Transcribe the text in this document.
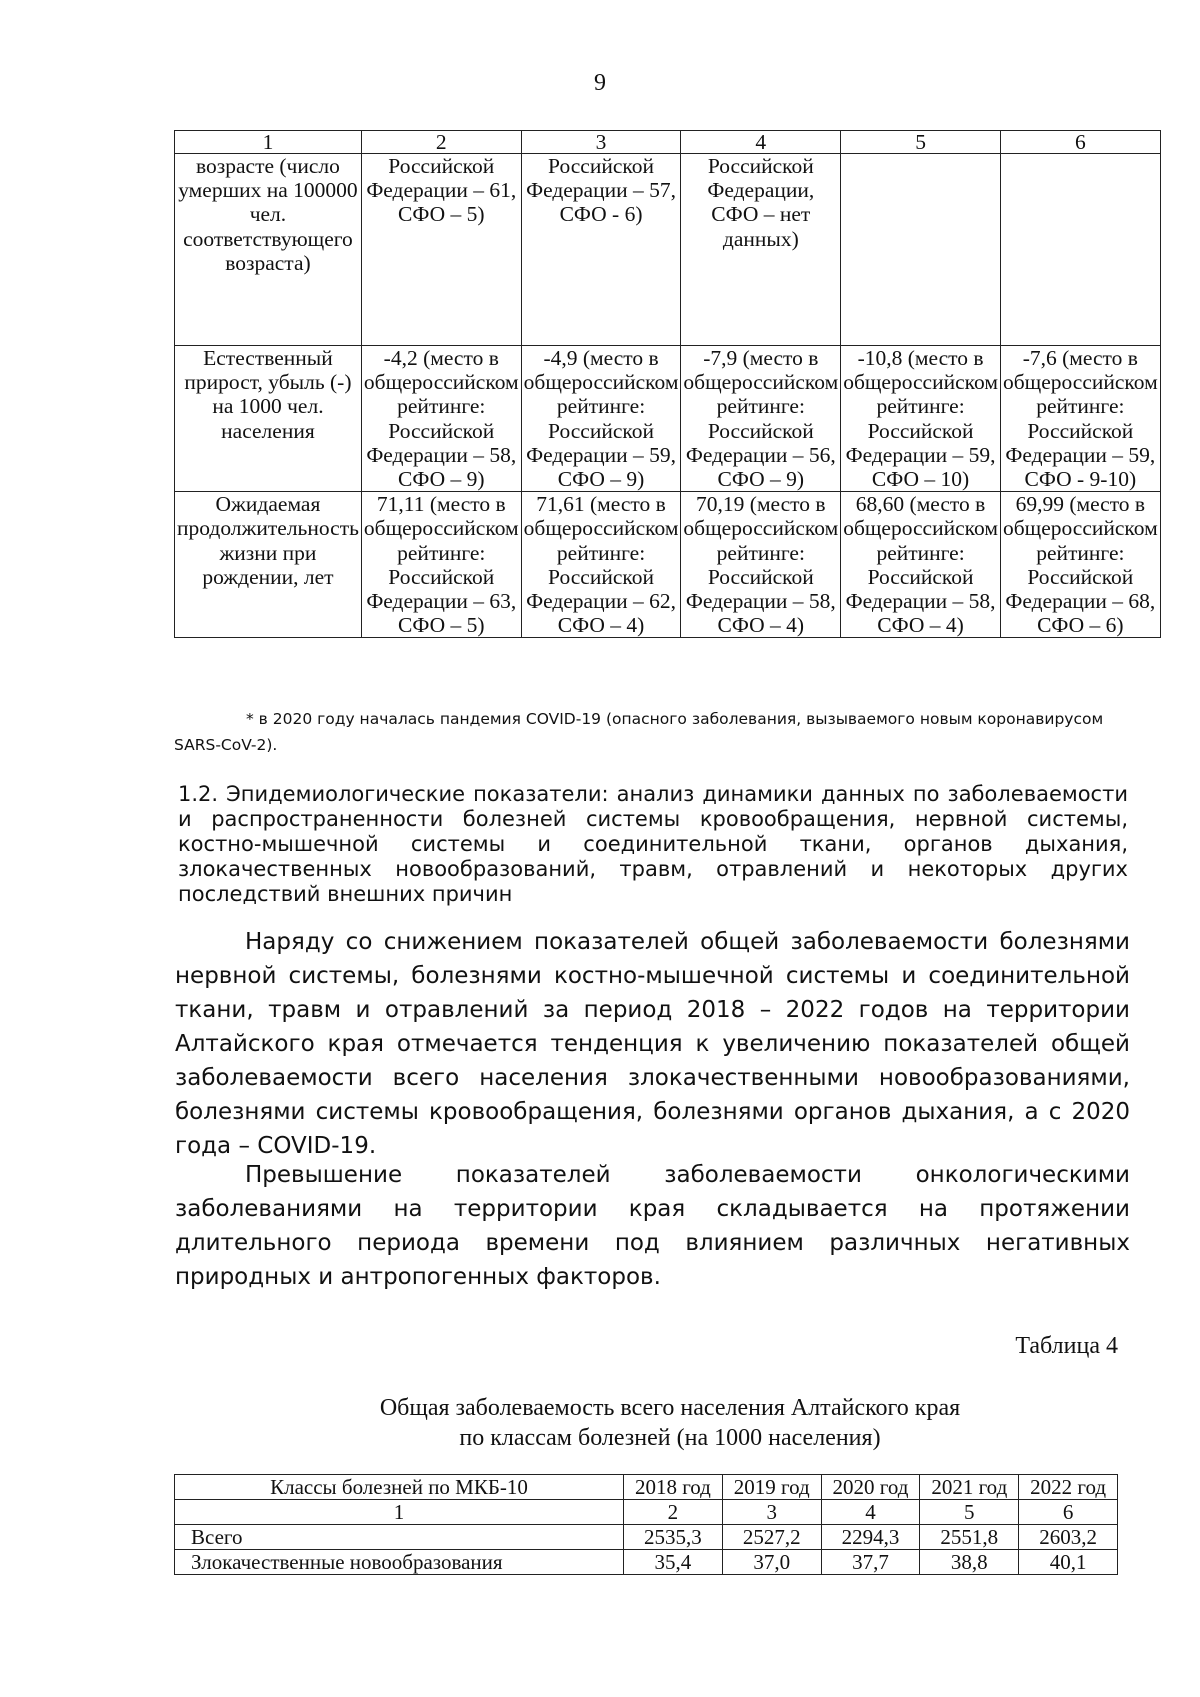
9
1	2	3	4	5	6
возрасте (число умерших на 100000 чел. соответствующего возраста)	Российской Федерации – 61, СФО – 5)	Российской Федерации – 57, СФО - 6)	Российской Федерации, СФО – нет данных)		
Естественный прирост, убыль (-) на 1000 чел. населения	-4,2 (место в общероссийском рейтинге: Российской Федерации – 58, СФО – 9)	-4,9 (место в общероссийском рейтинге: Российской Федерации – 59, СФО – 9)	-7,9 (место в общероссийском рейтинге: Российской Федерации – 56, СФО – 9)	-10,8 (место в общероссийском рейтинге: Российской Федерации – 59, СФО – 10)	-7,6 (место в общероссийском рейтинге: Российской Федерации – 59, СФО - 9-10)
Ожидаемая продолжительность жизни при рождении, лет	71,11 (место в общероссийском рейтинге: Российской Федерации – 63, СФО – 5)	71,61 (место в общероссийском рейтинге: Российской Федерации – 62, СФО – 4)	70,19 (место в общероссийском рейтинге: Российской Федерации – 58, СФО – 4)	68,60 (место в общероссийском рейтинге: Российской Федерации – 58, СФО – 4)	69,99 (место в общероссийском рейтинге: Российской Федерации – 68, СФО – 6)
* в 2020 году началась пандемия COVID-19 (опасного заболевания, вызываемого новым коронавирусом SARS-CoV-2).
1.2. Эпидемиологические показатели: анализ динамики данных по заболеваемости и распространенности болезней системы кровообращения, нервной системы, костно-мышечной системы и соединительной ткани, органов дыхания, злокачественных новообразований, травм, отравлений и некоторых других последствий внешних причин
Наряду со снижением показателей общей заболеваемости болезнями нервной системы, болезнями костно-мышечной системы и соединительной ткани, травм и отравлений за период 2018 – 2022 годов на территории Алтайского края отмечается тенденция к увеличению показателей общей заболеваемости всего населения злокачественными новообразованиями, болезнями системы кровообращения, болезнями органов дыхания, а с 2020 года – COVID-19.
Превышение показателей заболеваемости онкологическими заболеваниями на территории края складывается на протяжении длительного периода времени под влиянием различных негативных природных и антропогенных факторов.
Таблица 4
Общая заболеваемость всего населения Алтайского края
по классам болезней (на 1000 населения)
Классы болезней по МКБ-10	2018 год	2019 год	2020 год	2021 год	2022 год
1	2	3	4	5	6
Всего	2535,3	2527,2	2294,3	2551,8	2603,2
Злокачественные новообразования	35,4	37,0	37,7	38,8	40,1
